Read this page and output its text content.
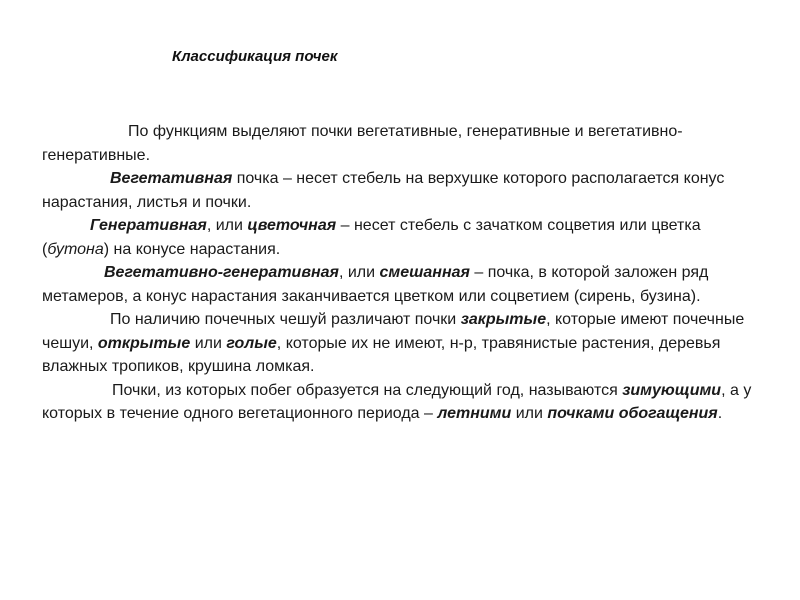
Классификация почек

По функциям выделяют почки вегетативные, генеративные и вегетативно-генеративные.

Вегетативная почка – несет стебель на верхушке которого располагается конус нарастания, листья и почки.

Генеративная, или цветочная – несет стебель с зачатком соцветия или цветка (бутона) на конусе нарастания.

Вегетативно-генеративная, или смешанная – почка, в которой заложен ряд метамеров, а конус нарастания заканчивается цветком или соцветием (сирень, бузина).

По наличию почечных чешуй различают почки закрытые, которые имеют почечные чешуи, открытые или голые, которые их не имеют, н-р, травянистые растения, деревья влажных тропиков, крушина ломкая.

Почки, из которых побег образуется на следующий год, называются зимующими, а у которых в течение одного вегетационного периода – летними или почками обогащения.
